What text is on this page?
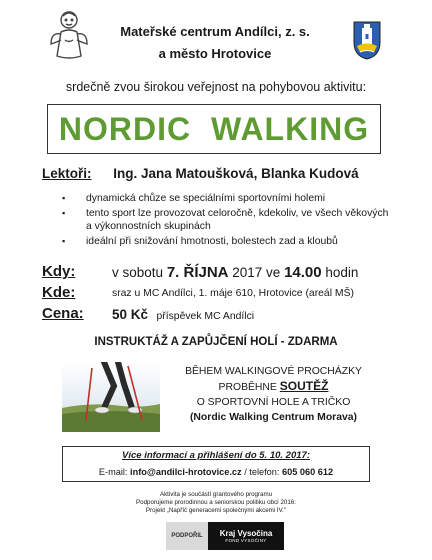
Mateřské centrum Andílci, z. s.
a město Hrotovice
srdečně zvou širokou veřejnost na pohybovou aktivitu:
NORDIC WALKING
Lektoři: Ing. Jana Matoušková, Blanka Kudová
▪ dynamická chůze se speciálními sportovními holemi
▪ tento sport lze provozovat celoročně, kdekoliv, ve všech věkových a výkonnostních skupinách
▪ ideální při snižování hmotnosti, bolestech zad a kloubů
Kdy:	v sobotu 7. ŘÍJNA 2017 ve 14.00 hodin
Kde:	sraz u MC Andílci, 1. máje 610, Hrotovice (areál MŠ)
Cena: 50 Kč příspěvek MC Andílci
INSTRUKTÁŽ A ZAPŮJČENÍ HOLÍ - ZDARMA
BĚHEM WALKINGOVÉ PROCHÁZKY
PROBĚHNE SOUTĚŽ
O SPORTOVNÍ HOLE A TRIČKO
(Nordic Walking Centrum Morava)
Více informací a přihlášení do 5. 10. 2017:
E-mail: info@andilci-hrotovice.cz / telefon: 605 060 612
Aktivita je součástí grantového programu
Podporujeme prorodinnou a seniorskou politiku obcí 2016:
Projekt „Napříč generacemi společnými akcemi IV."
PODPOŘIL	Kraj Vysočina
FOND VYSOČINY
